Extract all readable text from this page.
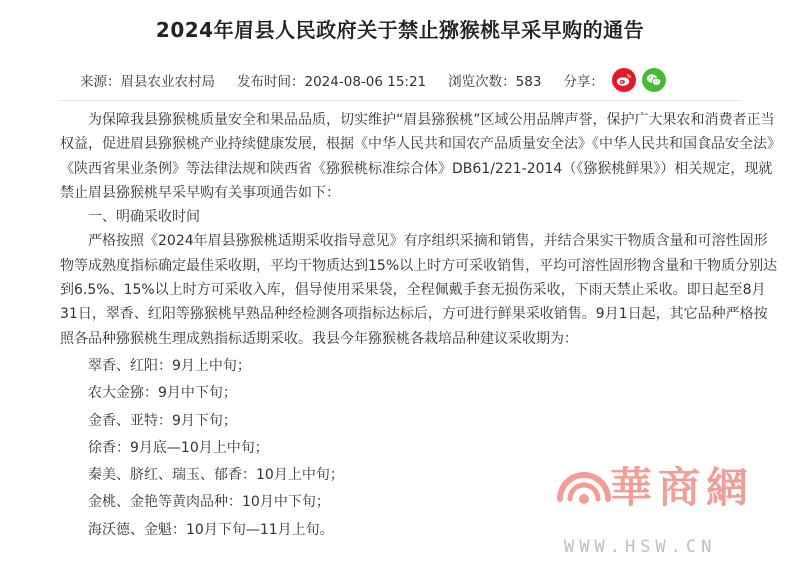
2024年眉县人民政府关于禁止猕猴桃早采早购的通告
来源：眉县农业农村局 发布时间：2024-08-06 15:21 浏览次数：583 分享：

为保障我县猕猴桃质量安全和果品品质，切实维护“眉县猕猴桃”区域公用品牌声誉，保护广大果农和消费者正当权益，促进眉县猕猴桃产业持续健康发展，根据《中华人民共和国农产品质量安全法》《中华人民共和国食品安全法》《陕西省果业条例》等法律法规和陕西省《猕猴桃标准综合体》DB61/221-2014（《猕猴桃鲜果》）相关规定，现就禁止眉县猕猴桃早采早购有关事项通告如下：

一、明确采收时间

严格按照《2024年眉县猕猴桃适期采收指导意见》有序组织采摘和销售，并结合果实干物质含量和可溶性固形物等成熟度指标确定最佳采收期，平均干物质达到15%以上时方可采收销售，平均可溶性固形物含量和干物质分别达到6.5%、15%以上时方可采收入库，倡导使用采果袋，全程佩戴手套无损伤采收，下雨天禁止采收。即日起至8月31日，翠香、红阳等猕猴桃早熟品种经检测各项指标达标后，方可进行鲜果采收销售。9月1日起，其它品种严格按照各品种猕猴桃生理成熟指标适期采收。我县今年猕猴桃各栽培品种建议采收期为：

翠香、红阳：9月上中旬；

农大金猕：9月中下旬；

金香、亚特：9月下旬；

徐香：9月底—10月上中旬；

秦美、脐红、瑞玉、郁香：10月上中旬；

金桃、金艳等黄肉品种：10月中下旬；

海沃德、金魁：10月下旬—11月上旬。

華商網
WWW.HSW.CN
